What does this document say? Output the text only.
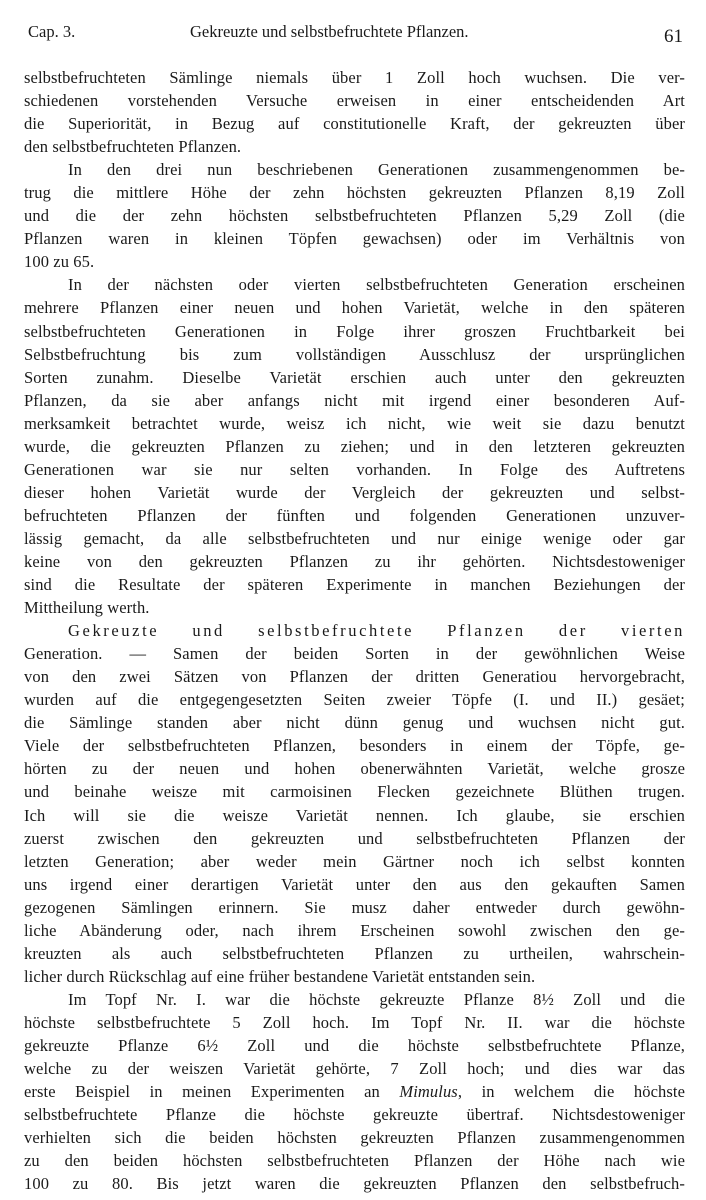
Cap. 3.	Gekreuzte und selbstbefruchtete Pflanzen.	61
selbstbefruchteten Sämlinge niemals über 1 Zoll hoch wuchsen. Die ver-
schiedenen vorstehenden Versuche erweisen in einer entscheidenden Art
die Superiorität, in Bezug auf constitutionelle Kraft, der gekreuzten über
den selbstbefruchteten Pflanzen.
In den drei nun beschriebenen Generationen zusammengenommen be-
trug die mittlere Höhe der zehn höchsten gekreuzten Pflanzen 8,19 Zoll
und die der zehn höchsten selbstbefruchteten Pflanzen 5,29 Zoll (die
Pflanzen waren in kleinen Töpfen gewachsen) oder im Verhältnis von
100 zu 65.
In der nächsten oder vierten selbstbefruchteten Generation erscheinen
mehrere Pflanzen einer neuen und hohen Varietät, welche in den späteren
selbstbefruchteten Generationen in Folge ihrer groszen Fruchtbarkeit bei
Selbstbefruchtung bis zum vollständigen Ausschlusz der ursprünglichen
Sorten zunahm. Dieselbe Varietät erschien auch unter den gekreuzten
Pflanzen, da sie aber anfangs nicht mit irgend einer besonderen Auf-
merksamkeit betrachtet wurde, weisz ich nicht, wie weit sie dazu benutzt
wurde, die gekreuzten Pflanzen zu ziehen; und in den letzteren gekreuzten
Generationen war sie nur selten vorhanden. In Folge des Auftretens
dieser hohen Varietät wurde der Vergleich der gekreuzten und selbst-
befruchteten Pflanzen der fünften und folgenden Generationen unzuver-
lässig gemacht, da alle selbstbefruchteten und nur einige wenige oder gar
keine von den gekreuzten Pflanzen zu ihr gehörten. Nichtsdestoweniger
sind die Resultate der späteren Experimente in manchen Beziehungen der
Mittheilung werth.
Gekreuzte und selbstbefruchtete Pflanzen der vierten
Generation. — Samen der beiden Sorten in der gewöhnlichen Weise
von den zwei Sätzen von Pflanzen der dritten Generatiou hervorgebracht,
wurden auf die entgegengesetzten Seiten zweier Töpfe (I. und II.) gesäet;
die Sämlinge standen aber nicht dünn genug und wuchsen nicht gut.
Viele der selbstbefruchteten Pflanzen, besonders in einem der Töpfe, ge-
hörten zu der neuen und hohen obenerwähnten Varietät, welche grosze
und beinahe weisze mit carmoisinen Flecken gezeichnete Blüthen trugen.
Ich will sie die weisze Varietät nennen. Ich glaube, sie erschien
zuerst zwischen den gekreuzten und selbstbefruchteten Pflanzen der
letzten Generation; aber weder mein Gärtner noch ich selbst konnten
uns irgend einer derartigen Varietät unter den aus den gekauften Samen
gezogenen Sämlingen erinnern. Sie musz daher entweder durch gewöhn-
liche Abänderung oder, nach ihrem Erscheinen sowohl zwischen den ge-
kreuzten als auch selbstbefruchteten Pflanzen zu urtheilen, wahrschein-
licher durch Rückschlag auf eine früher bestandene Varietät entstanden sein.
Im Topf Nr. I. war die höchste gekreuzte Pflanze 8½ Zoll und die
höchste selbstbefruchtete 5 Zoll hoch. Im Topf Nr. II. war die höchste
gekreuzte Pflanze 6½ Zoll und die höchste selbstbefruchtete Pflanze,
welche zu der weiszen Varietät gehörte, 7 Zoll hoch; und dies war das
erste Beispiel in meinen Experimenten an Mimulus, in welchem die höchste
selbstbefruchtete Pflanze die höchste gekreuzte übertraf. Nichtsdestoweniger
verhielten sich die beiden höchsten gekreuzten Pflanzen zusammengenommen
zu den beiden höchsten selbstbefruchteten Pflanzen der Höhe nach wie
100 zu 80. Bis jetzt waren die gekreuzten Pflanzen den selbstbefruch-
